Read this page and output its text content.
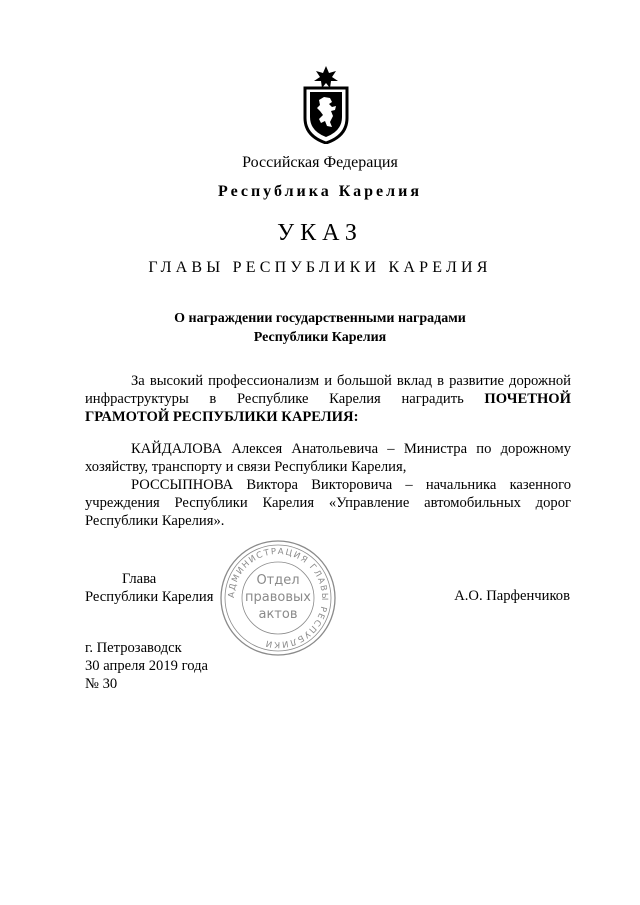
Российская Федерация
Республика Карелия
УКАЗ
ГЛАВЫ РЕСПУБЛИКИ КАРЕЛИЯ
О награждении государственными наградами
Республики Карелия
За высокий профессионализм и большой вклад в развитие дорожной инфраструктуры в Республике Карелия наградить ПОЧЕТНОЙ ГРАМОТОЙ РЕСПУБЛИКИ КАРЕЛИЯ:
КАЙДАЛОВА Алексея Анатольевича – Министра по дорожному хозяйству, транспорту и связи Республики Карелия,
РОССЫПНОВА Виктора Викторовича – начальника казенного учреждения Республики Карелия «Управление автомобильных дорог Республики Карелия».
Глава
Республики Карелия АДМИНИСТРАЦИЯ ГЛАВЫ РЕСПУБЛИКИ
Отдел
правовых
актов
А.О. Парфенчиков
г. Петрозаводск
30 апреля 2019 года
№ 30
